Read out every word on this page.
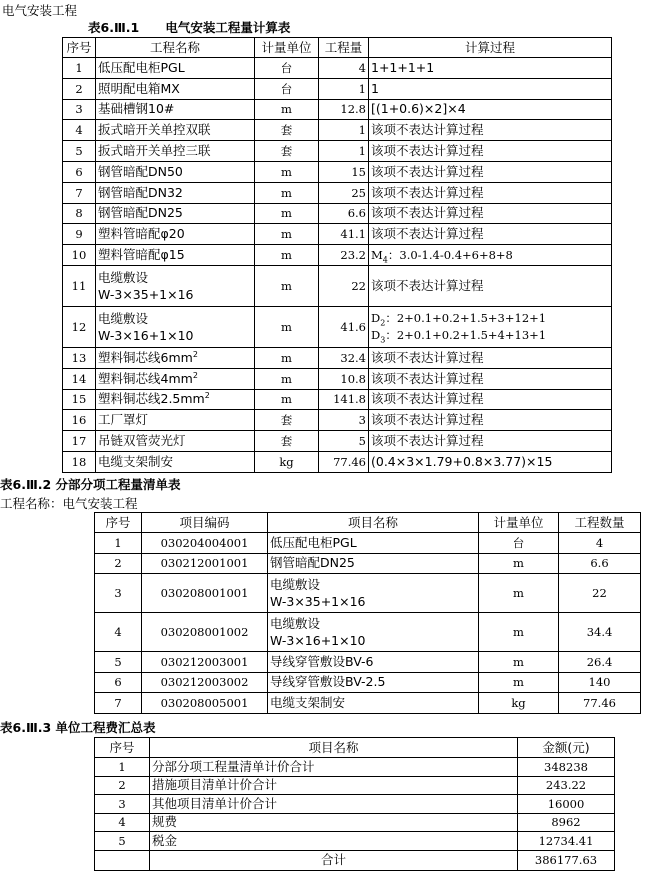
电气安装工程
表6.Ⅲ.1      电气安装工程量计算表
序号	工程名称	计量单位	工程量	计算过程
1	低压配电柜PGL	台	4	1+1+1+1
2	照明配电箱MX	台	1	1
3	基础槽钢10#	m	12.8	[(1+0.6)×2]×4
4	扳式暗开关单控双联	套	1	该项不表达计算过程
5	扳式暗开关单控三联	套	1	该项不表达计算过程
6	钢管暗配DN50	m	15	该项不表达计算过程
7	钢管暗配DN32	m	25	该项不表达计算过程
8	钢管暗配DN25	m	6.6	该项不表达计算过程
9	塑料管暗配φ20	m	41.1	该项不表达计算过程
10	塑料管暗配φ15	m	23.2	$M_4$：3.0-1.4-0.4+6+8+8
11	电缆敷设
W-3×35+1×16	m	22	该项不表达计算过程
12	电缆敷设
W-3×16+1×10	m	41.6	$D_2$：2+0.1+0.2+1.5+3+12+1
$D_3$：2+0.1+0.2+1.5+4+13+1
13	塑料铜芯线$6mm^2$	m	32.4	该项不表达计算过程
14	塑料铜芯线$4mm^2$	m	10.8	该项不表达计算过程
15	塑料铜芯线$2.5mm^2$	m	141.8	该项不表达计算过程
16	工厂罩灯	套	3	该项不表达计算过程
17	吊链双管荧光灯	套	5	该项不表达计算过程
18	电缆支架制安	kg	77.46	(0.4×3×1.79+0.8×3.77)×15
表6.Ⅲ.2 分部分项工程量清单表
工程名称：电气安装工程
序号	项目编码	项目名称	计量单位	工程数量
1	030204004001	低压配电柜PGL	台	4
2	030212001001	钢管暗配DN25	m	6.6
3	030208001001	电缆敷设
W-3×35+1×16	m	22
4	030208001002	电缆敷设
W-3×16+1×10	m	34.4
5	030212003001	导线穿管敷设BV-6	m	26.4
6	030212003002	导线穿管敷设BV-2.5	m	140
7	030208005001	电缆支架制安	kg	77.46
表6.Ⅲ.3 单位工程费汇总表
序号	项目名称	金额(元)
1	分部分项工程量清单计价合计	348238
2	措施项目清单计价合计	243.22
3	其他项目清单计价合计	16000
4	规费	8962
5	税金	12734.41
	合计	386177.63
